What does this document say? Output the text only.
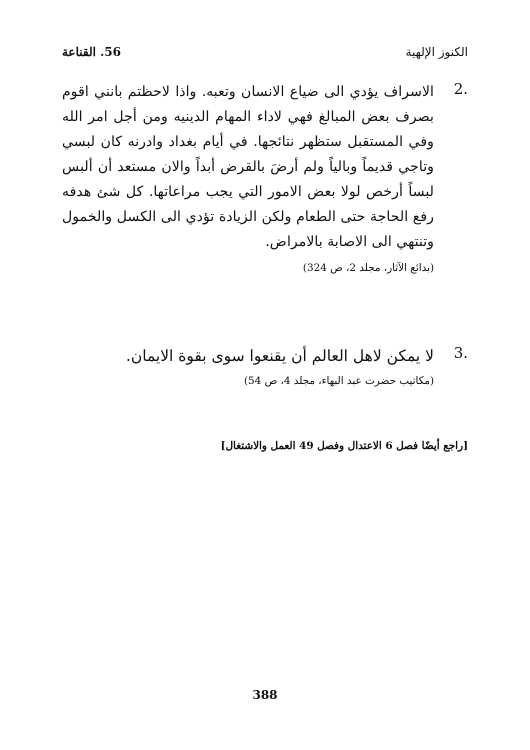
56. القناعة	الكنوز الإلهية
2.
الاسراف يؤدي الى ضياع الانسان وتعبه. واذا لاحظتم بانني اقوم بصرف بعض المبالغ فهي لاداء المهام الدينيه ومن أجل امر الله وفي المستقبل ستظهر نتائجها. في أيام بغداد وادرنه كان لبسي وتاجي قديماً وبالياً ولم أرضَ بالقرض أبداً والان مستعد أن ألبس لبساً أرخص لولا بعض الامور التي يجب مراعاتها. كل شئ هدفه رفع الحاجة حتى الطعام ولكن الزيادة تؤدي الى الكسل والخمول وتنتهي الى الاصابة بالامراض.
(بدائع الآثار، مجلد 2، ص 324)
3.
لا يمكن لاهل العالم أن يقنعوا سوى بقوة الايمان.
(مكاتيب حضرت عبد البهاء، مجلد 4، ص 54)
[راجع أيضًا فصل 6 الاعتدال وفصل 49 العمل والاشتغال]
388
